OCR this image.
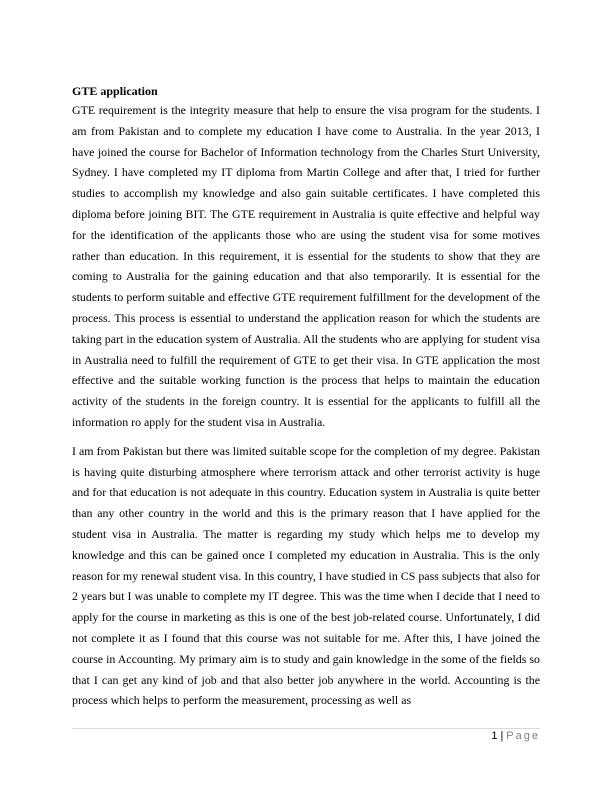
GTE application

GTE requirement is the integrity measure that help to ensure the visa program for the students. I am from Pakistan and to complete my education I have come to Australia. In the year 2013, I have joined the course for Bachelor of Information technology from the Charles Sturt University, Sydney. I have completed my IT diploma from Martin College and after that, I tried for further studies to accomplish my knowledge and also gain suitable certificates. I have completed this diploma before joining BIT. The GTE requirement in Australia is quite effective and helpful way for the identification of the applicants those who are using the student visa for some motives rather than education. In this requirement, it is essential for the students to show that they are coming to Australia for the gaining education and that also temporarily. It is essential for the students to perform suitable and effective GTE requirement fulfillment for the development of the process. This process is essential to understand the application reason for which the students are taking part in the education system of Australia. All the students who are applying for student visa in Australia need to fulfill the requirement of GTE to get their visa. In GTE application the most effective and the suitable working function is the process that helps to maintain the education activity of the students in the foreign country. It is essential for the applicants to fulfill all the information ro apply for the student visa in Australia.

I am from Pakistan but there was limited suitable scope for the completion of my degree. Pakistan is having quite disturbing atmosphere where terrorism attack and other terrorist activity is huge and for that education is not adequate in this country. Education system in Australia is quite better than any other country in the world and this is the primary reason that I have applied for the student visa in Australia. The matter is regarding my study which helps me to develop my knowledge and this can be gained once I completed my education in Australia. This is the only reason for my renewal student visa. In this country, I have studied in CS pass subjects that also for 2 years but I was unable to complete my IT degree. This was the time when I decide that I need to apply for the course in marketing as this is one of the best job-related course. Unfortunately, I did not complete it as I found that this course was not suitable for me. After this, I have joined the course in Accounting. My primary aim is to study and gain knowledge in the some of the fields so that I can get any kind of job and that also better job anywhere in the world. Accounting is the process which helps to perform the measurement, processing as well as

1 | Page
